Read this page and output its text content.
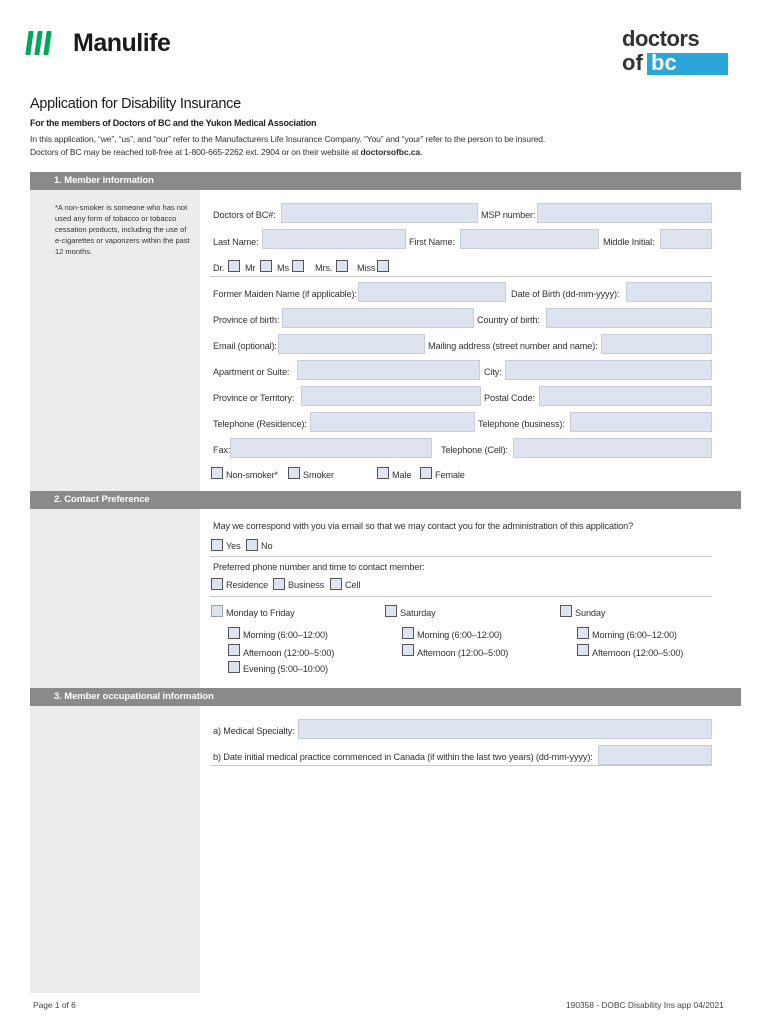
Manulife	doctors
of bc
Application for Disability Insurance
For the members of Doctors of BC and the Yukon Medical Association
In this application, “we”, “us”, and “our” refer to the Manufacturers Life Insurance Company. “You” and “your” refer to the person to be insured.
Doctors of BC may be reached toll-free at 1-800-665-2262 ext. 2904 or on their website at doctorsofbc.ca.
1. Member information
*A non-smoker is someone who has not used any form of tobacco or tobacco cessation products, including the use of e-cigarettes or vaporizers within the past 12 months.
Doctors of BC#:	MSP number:
Last Name:	First Name:	Middle Initial:
Dr. Mr Ms	Mrs.	Miss
Former Maiden Name (if applicable):	Date of Birth (dd-mm-yyyy):
Province of birth:	Country of birth:
Email (optional):	Mailing address (street number and name):
Apartment or Suite:	City:
Province or Territory:	Postal Code:
Telephone (Residence):	Telephone (business):
Fax:	Telephone (Cell):
Non-smoker*	Smoker	Male	Female
2. Contact Preference
May we correspond with you via email so that we may contact you for the administration of this application?
Yes No
Preferred phone number and time to contact member:
Residence Business Cell
Monday to Friday
Morning (6:00–12:00)
Afternoon (12:00–5:00)
Evening (5:00–10:00)
Saturday
Morning (6:00–12:00)
Afternoon (12:00–5:00)
Sunday
Morning (6:00–12:00)
Afternoon (12:00–5:00)
3. Member occupational information
a) Medical Specialty:
b) Date initial medical practice commenced in Canada (if within the last two years) (dd-mm-yyyy):
Page 1 of 6	190358 - DOBC Disability Ins app 04/2021
